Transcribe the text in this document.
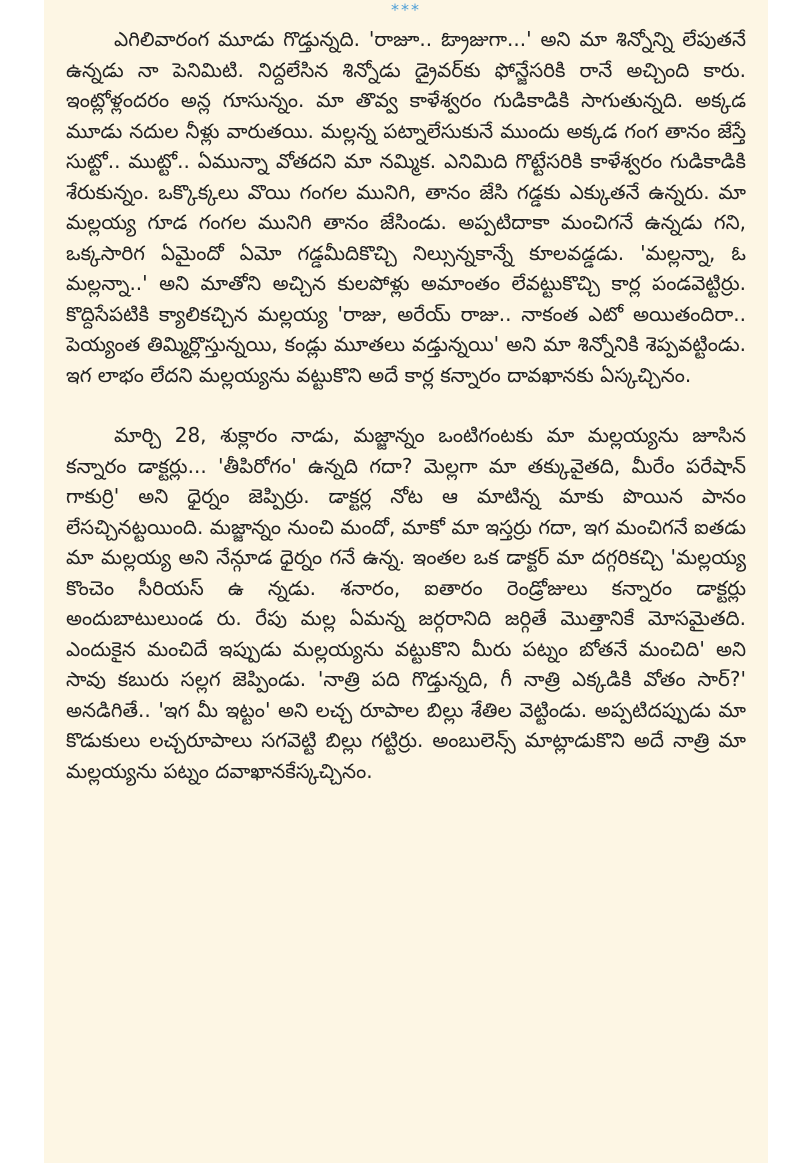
***

ఎగిలివారంగ మూడు గొడ్తున్నది. 'రాజూ.. ఓ్రాజుగా...' అని మా శిన్నోన్ని లేపుతనే ఉన్నడు నా పెనిమిటి. నిద్దలేసిన శిన్నోడు డ్రైవర్‌కు ఫోన్జేసరికి రానే అచ్చింది కారు. ఇంట్లోళ్లందరం అన్ల గూసున్నం. మా తొవ్వ కాళేశ్వరం గుడికాడికి సాగుతున్నది. అక్కడ మూడు నదుల నీళ్లు వారుతయి. మల్లన్న పట్నాలేసుకునే ముందు అక్కడ గంగ తానం జేస్తే సుట్టో.. ముట్టో.. ఏమున్నా వోతదని మా నమ్మిక. ఎనిమిది గొట్టేసరికి కాళేశ్వరం గుడికాడికి శేరుకున్నం. ఒక్కొక్కలు వొయి గంగల మునిగి, తానం జేసి గడ్డకు ఎక్కుతనే ఉన్నరు. మా మల్లయ్య గూడ గంగల మునిగి తానం జేసిండు. అప్పటిదాకా మంచిగనే ఉన్నడు గని, ఒక్కసారిగ ఏమైందో ఏమో గడ్డమీదికొచ్చి నిల్సున్నకాన్నే కూలవడ్డడు. 'మల్లన్నా, ఓ మల్లన్నా..' అని మాతోని అచ్చిన కులపోళ్లు అమాంతం లేవట్టుకొచ్చి కార్ల పండవెట్టిర్రు. కొద్దిసేపటికి క్యాలికచ్చిన మల్లయ్య 'రాజు, అరేయ్ రాజు.. నాకంత ఎటో అయితందిరా.. పెయ్యంత తిమ్మిర్లొస్తున్నయి, కండ్లు మూతలు వడ్తున్నయి' అని మా శిన్నోనికి శెప్పవట్టిండు. ఇగ లాభం లేదని మల్లయ్యను వట్టుకొని అదే కార్ల కన్నారం దావఖానకు ఏస్కచ్చినం.

మార్చి 28, శుక్లారం నాడు, మజ్జాన్నం ఒంటిగంటకు మా మల్లయ్యను జూసిన కన్నారం డాక్టర్లు... 'తీపిరోగం' ఉన్నది గదా? మెల్లగా మా తక్కువైతది, మీరేం పరేషాన్ గాకుర్రి' అని ధైర్నం జెప్పిర్రు. డాక్టర్ల నోట ఆ మాటిన్న మాకు పొయిన పానం లేసచ్చినట్టయింది. మజ్జాన్నం నుంచి మందో, మాకో మా ఇస్తర్రు గదా, ఇగ మంచిగనే ఐతడు మా మల్లయ్య అని నేన్గూడ ధైర్నం గనే ఉన్న. ఇంతల ఒక డాక్టర్ మా దగ్గరికచ్చి 'మల్లయ్య కొంచెం సీరియస్ ఉ న్నడు. శనారం, ఐతారం రెండ్రోజులు కన్నారం డాక్టర్లు అందుబాటులుండ రు. రేపు మల్ల ఏమన్న జర్గరానిది జర్గితే మొత్తానికే మోసమైతది. ఎందుకైన మంచిదే ఇప్పుడు మల్లయ్యను వట్టుకొని మీరు పట్నం బోతనే మంచిది' అని సావు కబురు సల్లగ జెప్పిండు. 'నాత్రి పది గొడ్తున్నది, గీ నాత్రి ఎక్కడికి వోతం సార్?' అనడిగితే.. 'ఇగ మీ ఇట్టం' అని లచ్చ రూపాల బిల్లు శేతిల వెట్టిండు. అప్పటిదప్పుడు మా కొడుకులు లచ్చరూపాలు సగవెట్టి బిల్లు గట్టిర్రు. అంబులెన్స్ మాట్లాడుకొని అదే నాత్రి మా మల్లయ్యను పట్నం దవాఖానకేస్కచ్చినం.
